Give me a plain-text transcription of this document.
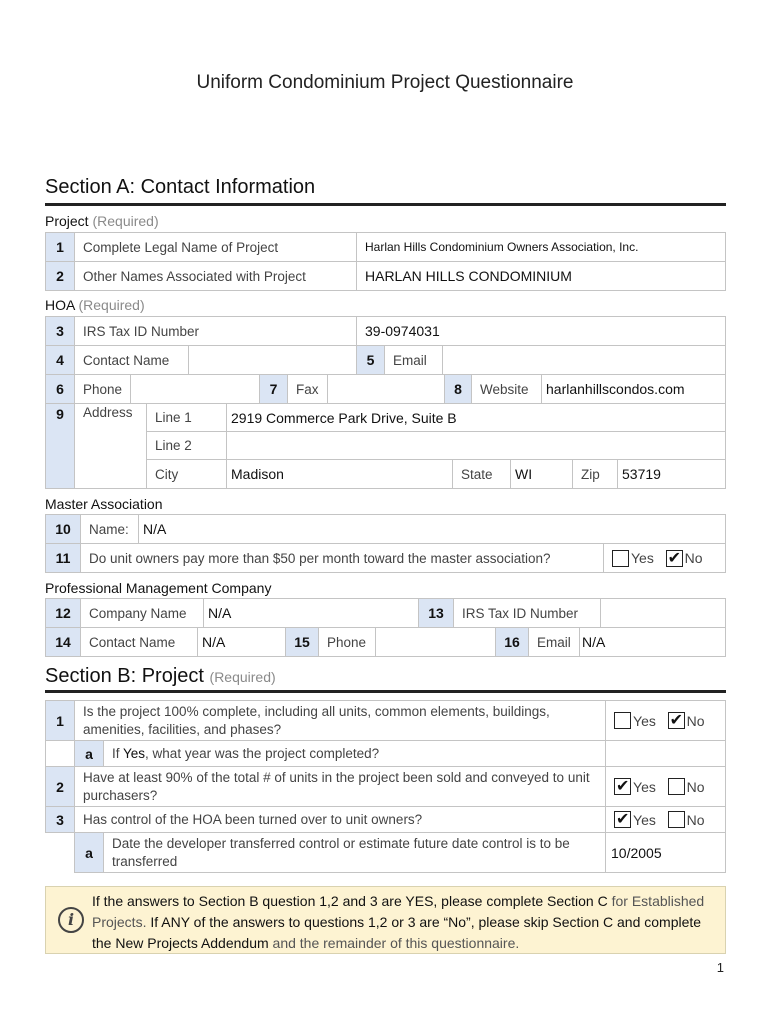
Uniform Condominium Project Questionnaire
Section A: Contact Information
Project (Required)
1	Complete Legal Name of Project	Harlan Hills Condominium Owners Association, Inc.
2	Other Names Associated with Project	HARLAN HILLS CONDOMINIUM
HOA (Required)
3	IRS Tax ID Number	39-0974031
4	Contact Name		5	Email	
6	Phone		7	Fax		8	Website	harlanhillscondos.com
9	Address	Line 1	2919 Commerce Park Drive, Suite B				
		Line 2					
		City	Madison	State	WI	Zip	53719
Master Association
10	Name:	N/A	
11	Do unit owners pay more than $50 per month toward the master association?		Yes ✔ No
Professional Management Company
12	Company Name	N/A	13	IRS Tax ID Number	
14	Contact Name	N/A	15	Phone		16	Email	N/A
Section B: Project (Required)
1	Is the project 100% complete, including all units, common elements, buildings, amenities, facilities, and phases?		Yes ✔ No
	a	If Yes, what year was the project completed?	
2	Have at least 90% of the total # of units in the project been sold and conveyed to unit purchasers?	✔Yes No
3	Has control of the HOA been turned over to unit owners?	✔Yes No
	a	Date the developer transferred control or estimate future date control is to be transferred	10/2005
i
If the answers to Section B question 1,2 and 3 are YES, please complete Section C for Established Projects. If ANY of the answers to questions 1,2 or 3 are “No”, please skip Section C and complete the New Projects Addendum and the remainder of this questionnaire.
1
